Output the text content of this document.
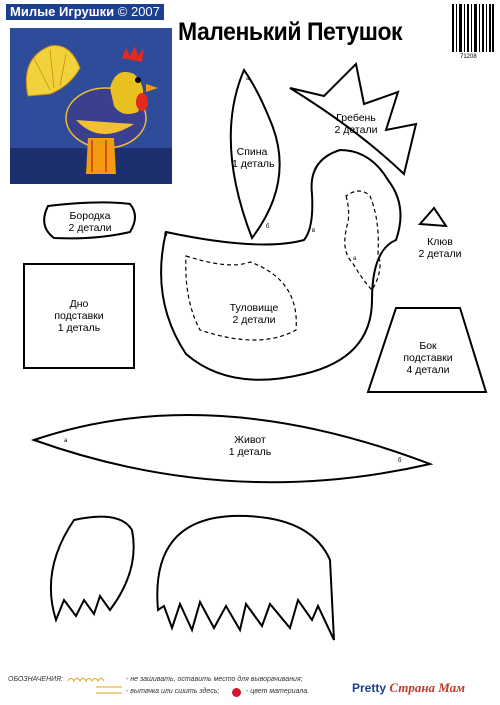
Милые Игрушки © 2007
Маленький Петушок
71208
а
б
б
в
а
а
б
Спина
1 деталь
Гребень
2 детали
Бородка
2 детали
Клюв
2 детали
Дно
подставки
1 деталь
Туловище
2 детали
Бок
подставки
4 детали
Живот
1 деталь
ОБОЗНАЧЕНИЯ:	- не зашивать, оставить место для выворачивания;
- вытачка или сшить здесь;	- цвет материала.	Pretty Страна Мам
